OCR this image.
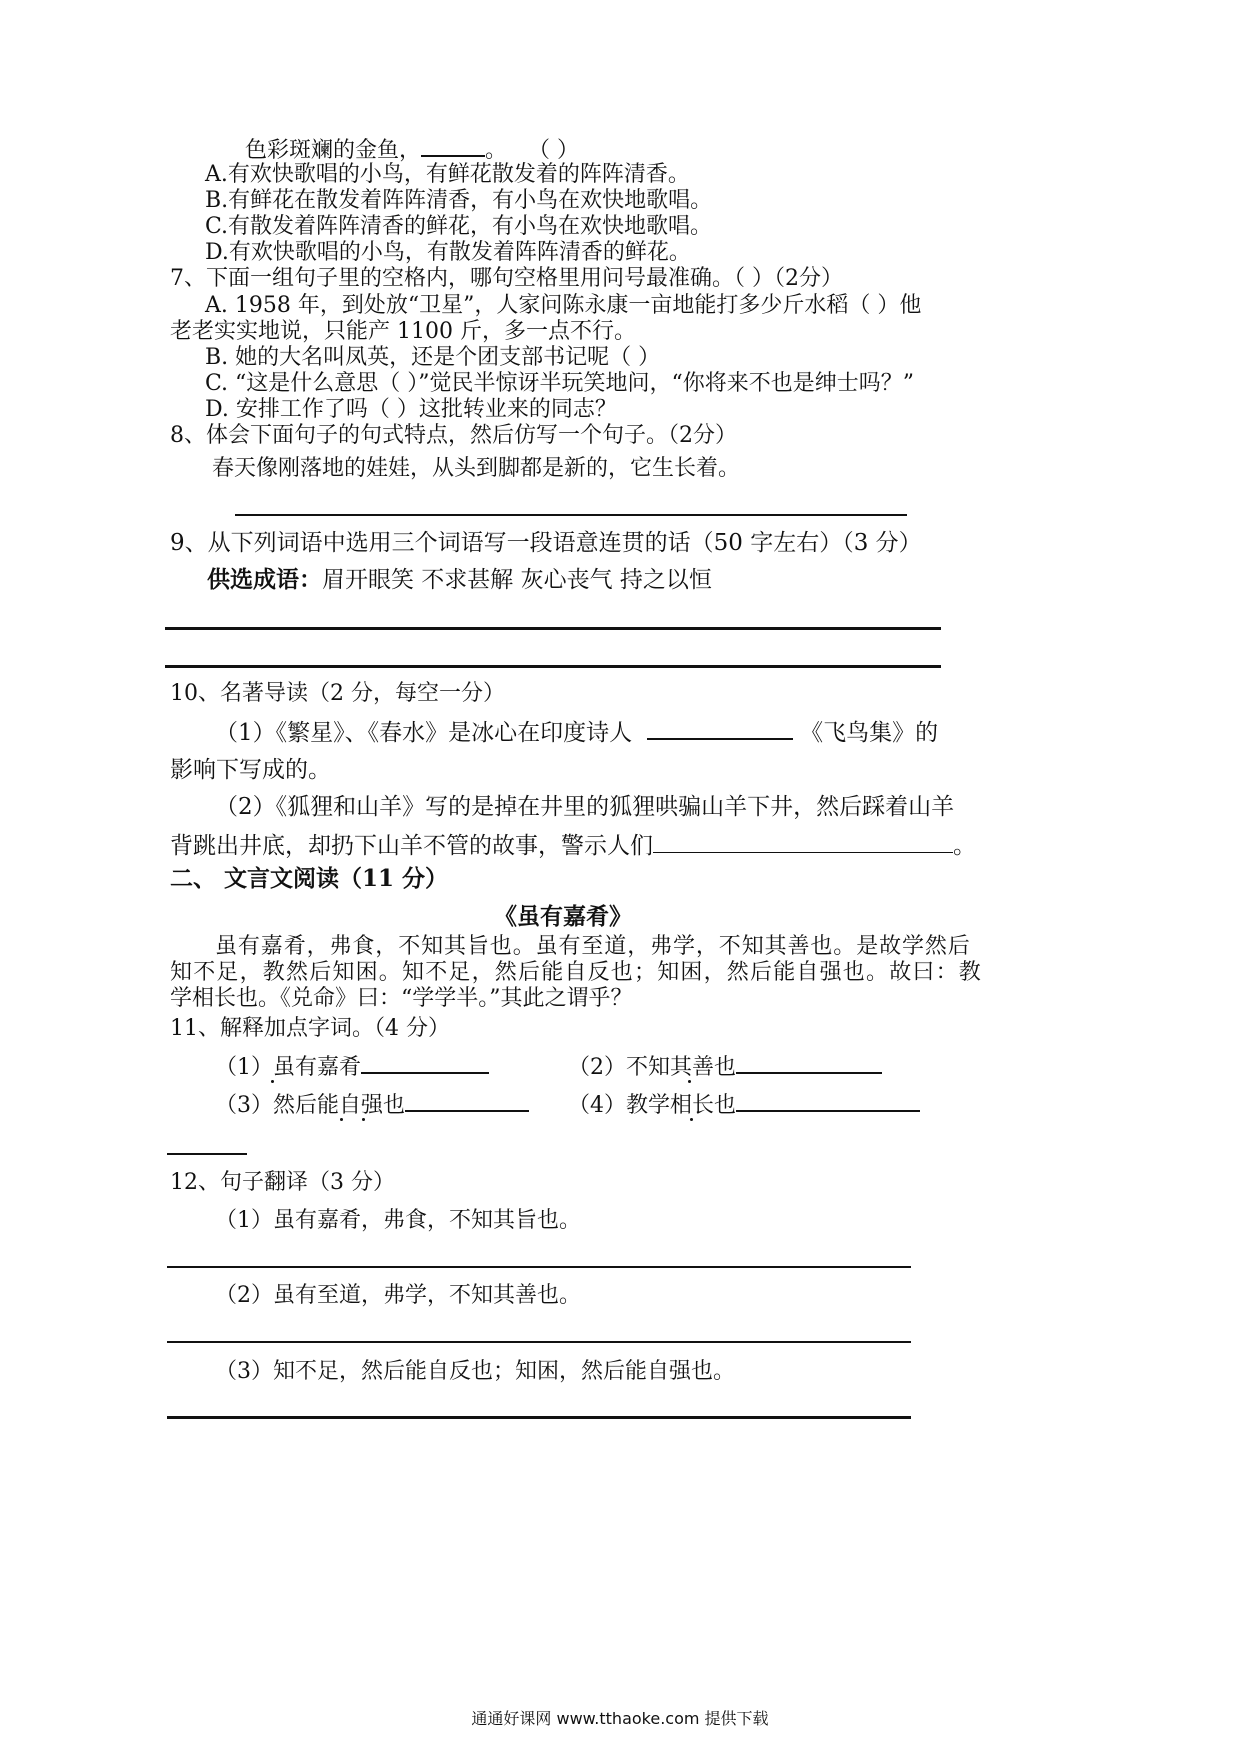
色彩斑斓的金鱼，	。 （ ）
A.有欢快歌唱的小鸟，有鲜花散发着的阵阵清香。
B.有鲜花在散发着阵阵清香，有小鸟在欢快地歌唱。
C.有散发着阵阵清香的鲜花，有小鸟在欢快地歌唱。
D.有欢快歌唱的小鸟，有散发着阵阵清香的鲜花。
7、下面一组句子里的空格内，哪句空格里用问号最准确。（ ）（2分）
A. 1958 年，到处放“卫星”，人家问陈永康一亩地能打多少斤水稻（ ）他
老老实实地说，只能产 1100 斤，多一点不行。
B. 她的大名叫凤英，还是个团支部书记呢（ ）
C. “这是什么意思（ ）”觉民半惊讶半玩笑地问，“你将来不也是绅士吗？”
D. 安排工作了吗（ ）这批转业来的同志？
8、体会下面句子的句式特点，然后仿写一个句子。（2分）
春天像刚落地的娃娃，从头到脚都是新的，它生长着。
9、从下列词语中选用三个词语写一段语意连贯的话（50 字左右）（3 分）
供选成语：眉开眼笑 不求甚解 灰心丧气 持之以恒
10、名著导读（2 分，每空一分）
（1）《繁星》、《春水》是冰心在印度诗人	《飞鸟集》的
影响下写成的。
（2）《狐狸和山羊》写的是掉在井里的狐狸哄骗山羊下井，然后踩着山羊
背跳出井底，却扔下山羊不管的故事，警示人们	。
二、 文言文阅读（11 分）
《虽有嘉肴》
虽有嘉肴，弗食，不知其旨也。虽有至道，弗学，不知其善也。是故学然后
知不足，教然后知困。知不足，然后能自反也；知困，然后能自强也。故曰：教
学相长也。《兑命》曰：“学学半。”其此之谓乎？
11、解释加点字词。（4 分）
（1）虽有嘉肴	（2）不知其善也
（3）然后能自强也	（4）教学相长也
12、句子翻译（3 分）
（1）虽有嘉肴，弗食，不知其旨也。
（2）虽有至道，弗学，不知其善也。
（3）知不足，然后能自反也；知困，然后能自强也。
通通好课网 www.tthaoke.com 提供下载
